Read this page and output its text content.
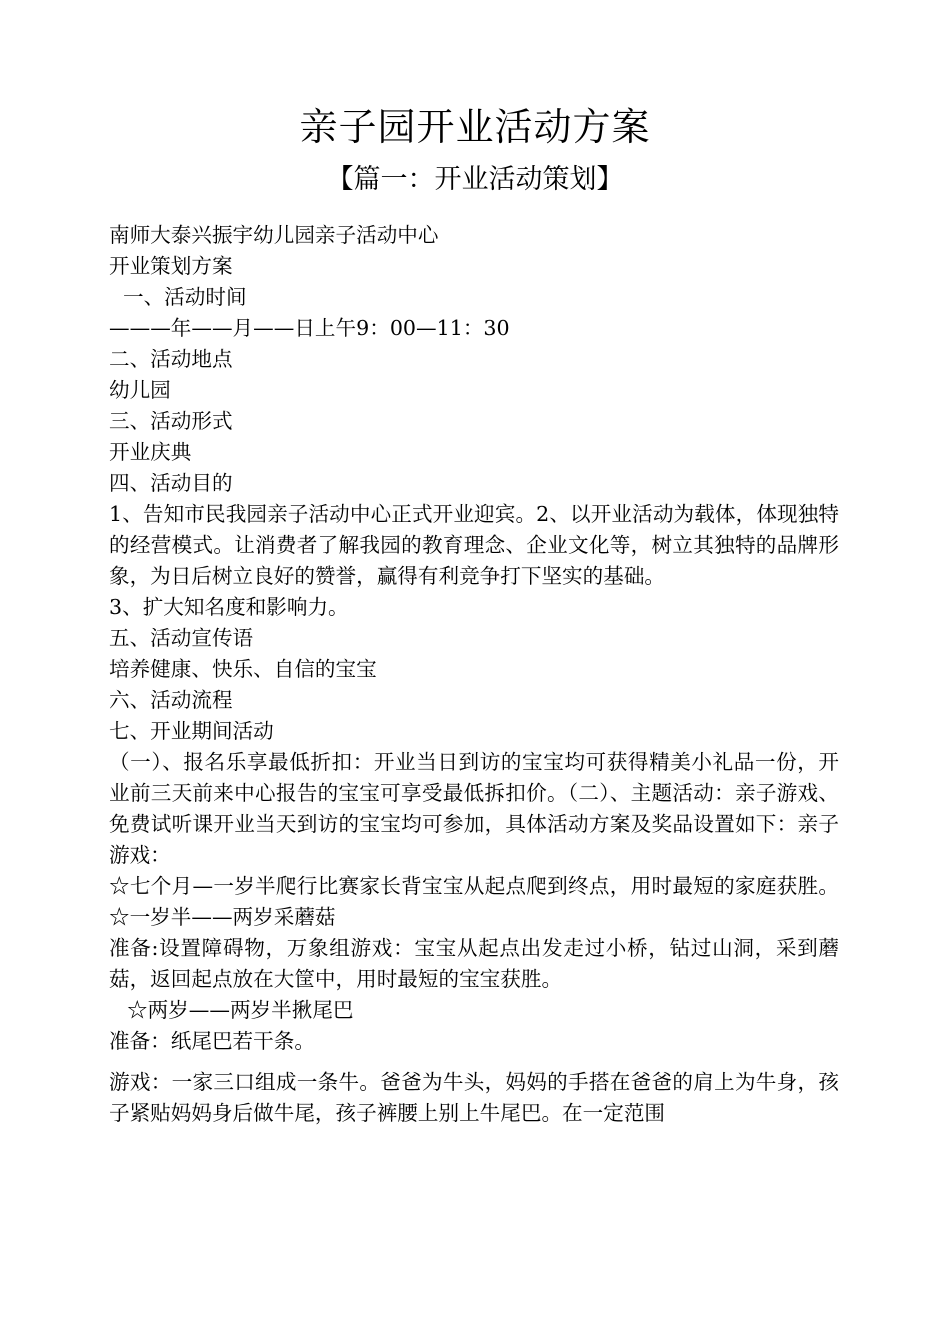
亲子园开业活动方案
【篇一：开业活动策划】
南师大泰兴振宇幼儿园亲子活动中心
开业策划方案
一、活动时间
———年——月——日上午9：00—11：30
二、活动地点
幼儿园
三、活动形式
开业庆典
四、活动目的
1、告知市民我园亲子活动中心正式开业迎宾。2、以开业活动为载体，体现独特的经营模式。让消费者了解我园的教育理念、企业文化等，树立其独特的品牌形象，为日后树立良好的赞誉，赢得有利竞争打下坚实的基础。
3、扩大知名度和影响力。
五、活动宣传语
培养健康、快乐、自信的宝宝
六、活动流程
七、开业期间活动
（一）、报名乐享最低折扣：开业当日到访的宝宝均可获得精美小礼品一份，开业前三天前来中心报告的宝宝可享受最低拆扣价。（二）、主题活动：亲子游戏、免费试听课开业当天到访的宝宝均可参加，具体活动方案及奖品设置如下：亲子游戏：
☆七个月—一岁半爬行比赛家长背宝宝从起点爬到终点，用时最短的家庭获胜。☆一岁半——两岁采蘑菇
准备:设置障碍物，万象组游戏：宝宝从起点出发走过小桥，钻过山洞，采到蘑菇，返回起点放在大筐中，用时最短的宝宝获胜。
☆两岁——两岁半揪尾巴
准备：纸尾巴若干条。
游戏：一家三口组成一条牛。爸爸为牛头，妈妈的手搭在爸爸的肩上为牛身，孩子紧贴妈妈身后做牛尾，孩子裤腰上别上牛尾巴。在一定范围
